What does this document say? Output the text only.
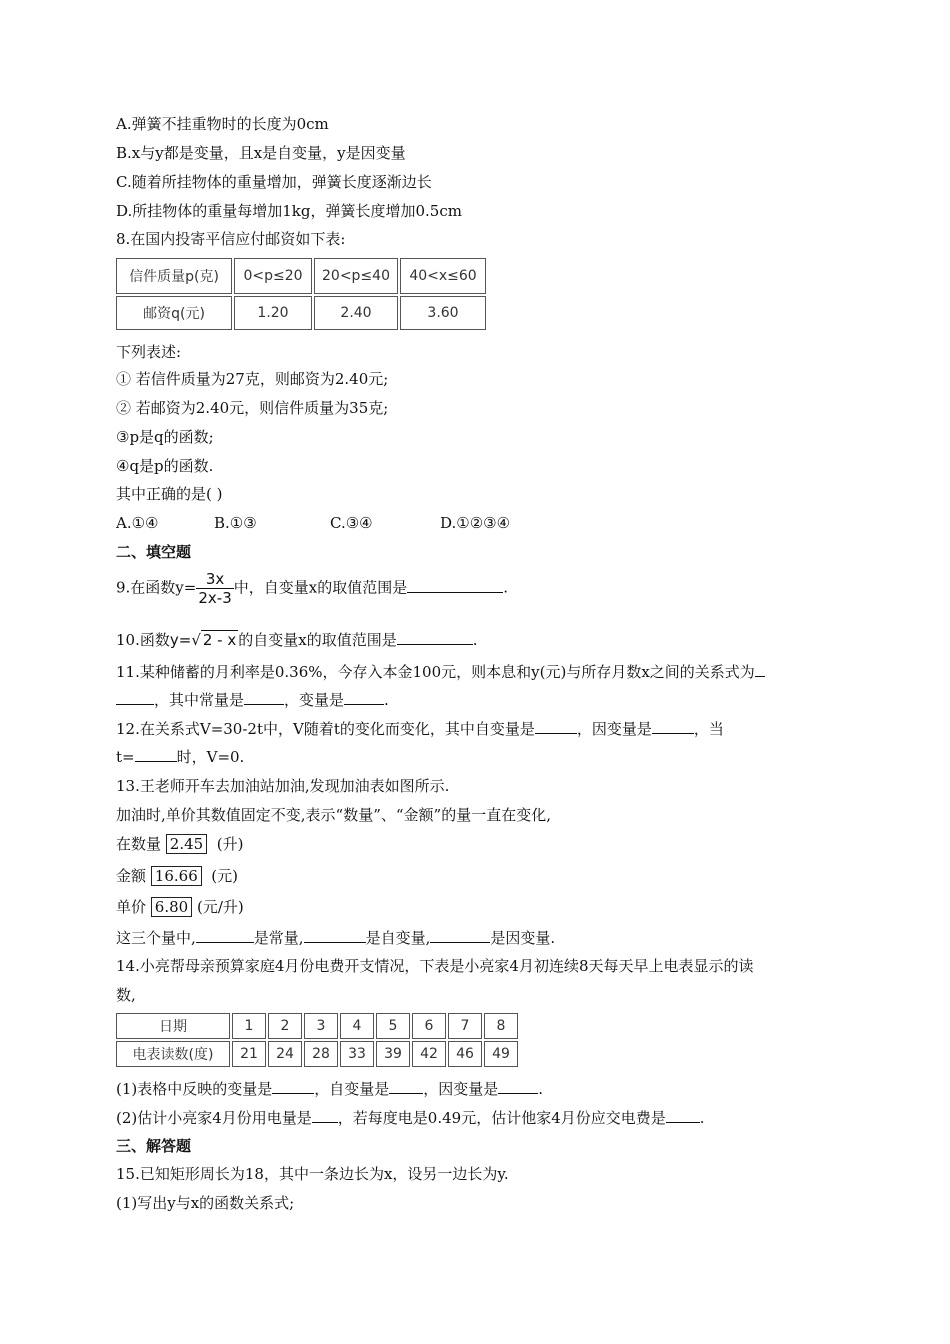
A.弹簧不挂重物时的长度为0cm
B.x与y都是变量，且x是自变量，y是因变量
C.随着所挂物体的重量增加，弹簧长度逐渐边长
D.所挂物体的重量每增加1kg，弹簧长度增加0.5cm
8.在国内投寄平信应付邮资如下表:
信件质量p(克)	0<p≤20	20<p≤40	40<x≤60
邮资q(元)	1.20	2.40	3.60
下列表述:
① 若信件质量为27克，则邮资为2.40元;
② 若邮资为2.40元，则信件质量为35克;
③p是q的函数;
④q是p的函数.
其中正确的是( )
A.①④	B.①③	C.③④	D.①②③④
二、填空题
9.在函数$y= \frac{3x}{2x-3}$ 中，自变量x的取值范围是	.
10.函数y=√ 2 - x 的自变量x的取值范围是	.
11.某种储蓄的月利率是0.36%，今存入本金100元，则本息和y(元)与所存月数x之间的关系式为
，其中常量是	，变量是	.
12.在关系式V=30-2t中，V随着t的变化而变化，其中自变量是	，因变量是	，当
t=	时，V=0.
13.王老师开车去加油站加油,发现加油表如图所示.
加油时,单价其数值固定不变,表示“数量”、“金额”的量一直在变化,
在数量 2.45 (升)
金额 16.66 (元)
单价 6.80 (元/升)
这三个量中,	是常量,	是自变量,	是因变量.
14.小亮帮母亲预算家庭4月份电费开支情况，下表是小亮家4月初连续8天每天早上电表显示的读
数,
日期	1	2	3	4	5	6	7	8
电表读数(度)	21	24	28	33	39	42	46	49
(1)表格中反映的变量是	，自变量是 ，因变量是	.
(2)估计小亮家4月份用电量是 ，若每度电是0.49元，估计他家4月份应交电费是 .
三、解答题
15.已知矩形周长为18，其中一条边长为x，设另一边长为y.
(1)写出y与x的函数关系式;
